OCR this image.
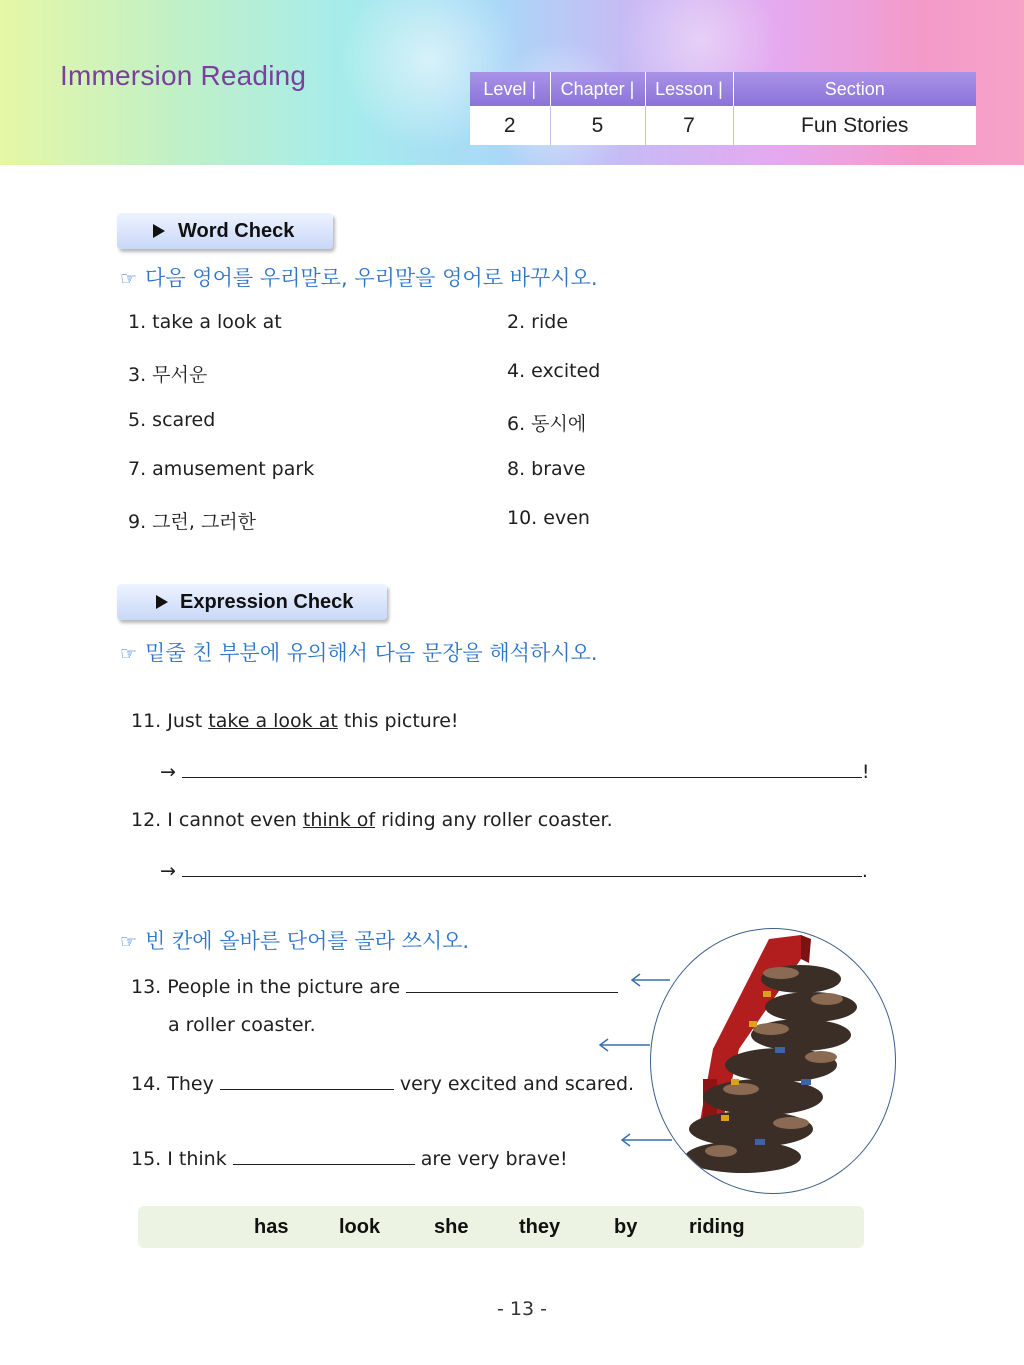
Immersion Reading	Level |	Chapter |	Lesson |	Section
2	5	7	Fun Stories
Word Check
☞ 다음 영어를 우리말로, 우리말을 영어로 바꾸시오.
1. take a look at	2. ride
3. 무서운	4. excited
5. scared	6. 동시에
7. amusement park	8. brave
9. 그런, 그러한	10. even
Expression Check
☞ 밑줄 친 부분에 유의해서 다음 문장을 해석하시오.
11. Just take a look at this picture!
→	!
12. I cannot even think of riding any roller coaster.
→	.
☞ 빈 칸에 올바른 단어를 골라 쓰시오.
13. People in the picture are
a roller coaster.
14. They	very excited and scared.
15. I think	are very brave!
has	look	she	they	by	riding
- 13 -
